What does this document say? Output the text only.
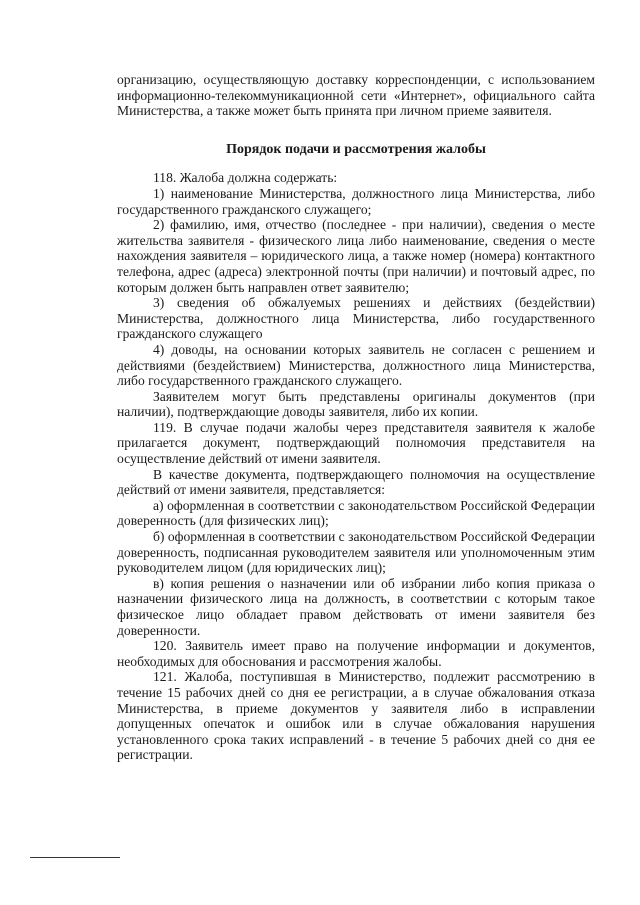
организацию, осуществляющую доставку корреспонденции, с использованием информационно-телекоммуникационной сети «Интернет», официального сайта Министерства, а также может быть принята при личном приеме заявителя.

Порядок подачи и рассмотрения жалобы

118. Жалоба должна содержать:

1) наименование Министерства, должностного лица Министерства, либо государственного гражданского служащего;

2) фамилию, имя, отчество (последнее - при наличии), сведения о месте жительства заявителя - физического лица либо наименование, сведения о месте нахождения заявителя – юридического лица, а также номер (номера) контактного телефона, адрес (адреса) электронной почты (при наличии) и почтовый адрес, по которым должен быть направлен ответ заявителю;

3) сведения об обжалуемых решениях и действиях (бездействии) Министерства, должностного лица Министерства, либо государственного гражданского служащего

4) доводы, на основании которых заявитель не согласен с решением и действиями (бездействием) Министерства, должностного лица Министерства, либо государственного гражданского служащего.

Заявителем могут быть представлены оригиналы документов (при наличии), подтверждающие доводы заявителя, либо их копии.

119. В случае подачи жалобы через представителя заявителя к жалобе прилагается документ, подтверждающий полномочия представителя на осуществление действий от имени заявителя.

В качестве документа, подтверждающего полномочия на осуществление действий от имени заявителя, представляется:

а) оформленная в соответствии с законодательством Российской Федерации доверенность (для физических лиц);

б) оформленная в соответствии с законодательством Российской Федерации доверенность, подписанная руководителем заявителя или уполномоченным этим руководителем лицом (для юридических лиц);

в) копия решения о назначении или об избрании либо копия приказа о назначении физического лица на должность, в соответствии с которым такое физическое лицо обладает правом действовать от имени заявителя без доверенности.

120. Заявитель имеет право на получение информации и документов, необходимых для обоснования и рассмотрения жалобы.

121. Жалоба, поступившая в Министерство, подлежит рассмотрению в течение 15 рабочих дней со дня ее регистрации, а в случае обжалования отказа Министерства, в приеме документов у заявителя либо в исправлении допущенных опечаток и ошибок или в случае обжалования нарушения установленного срока таких исправлений - в течение 5 рабочих дней со дня ее регистрации.
